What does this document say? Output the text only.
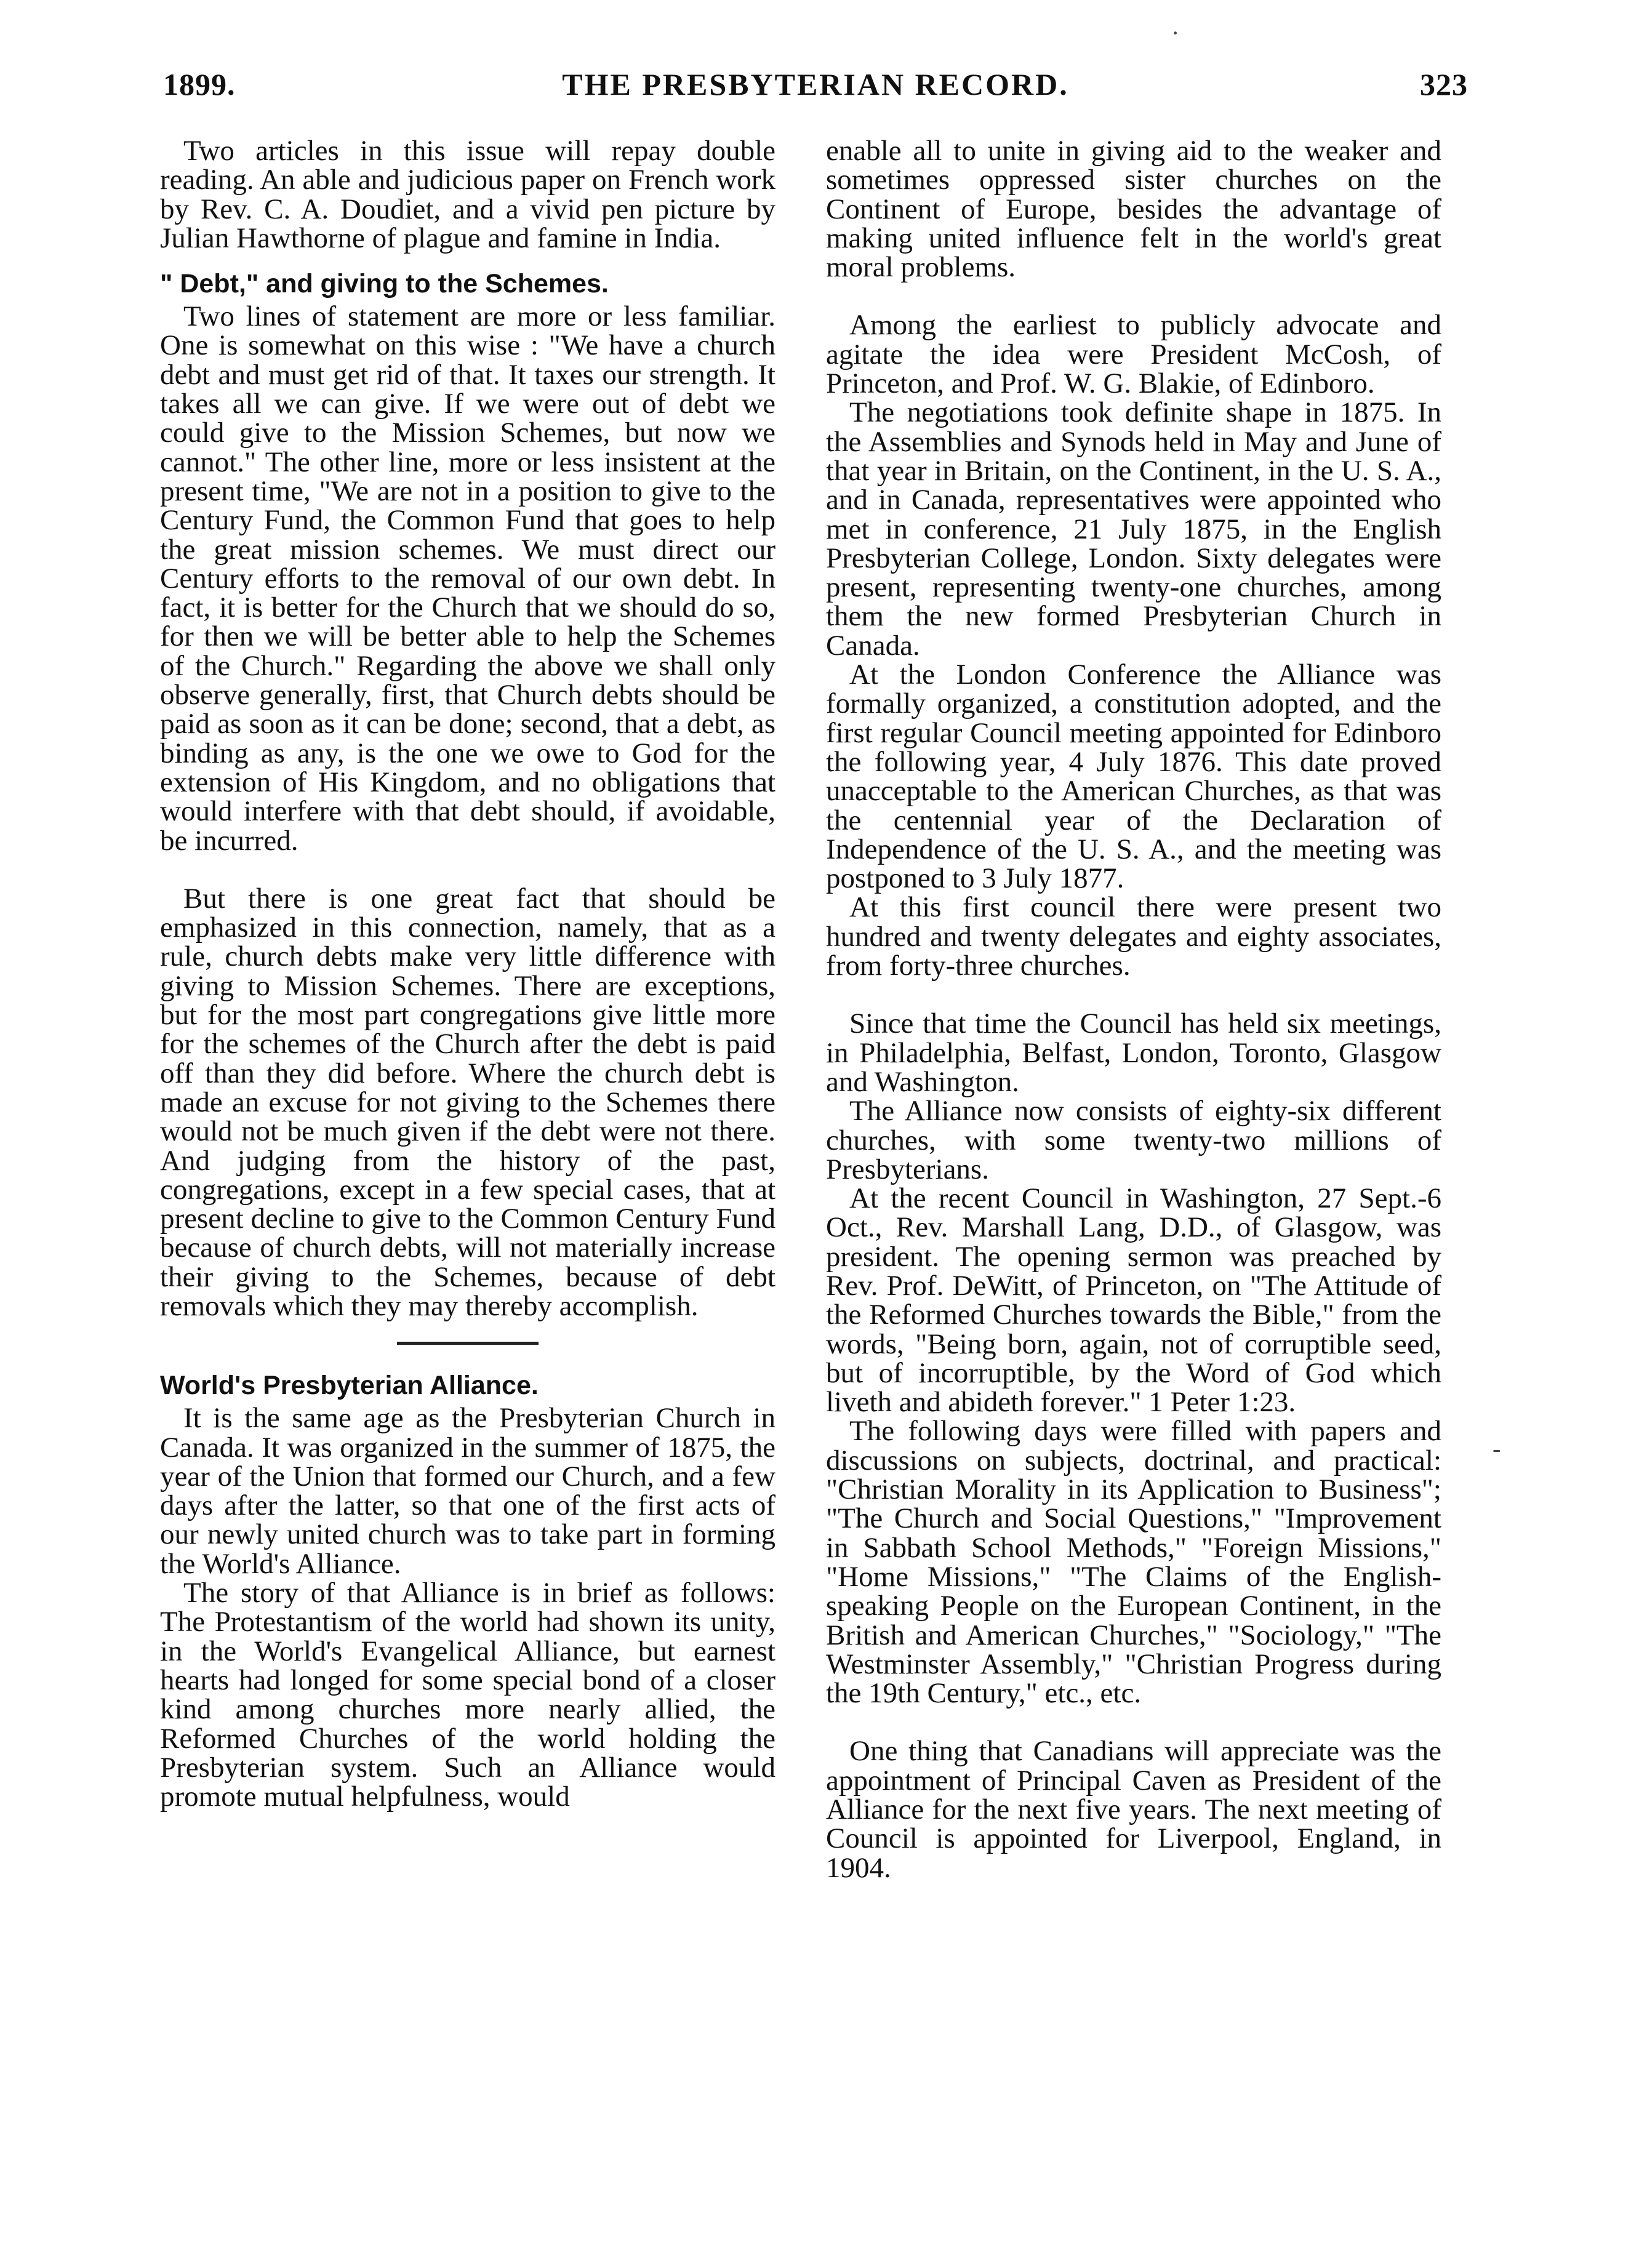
1899.	THE PRESBYTERIAN RECORD.	323

Two articles in this issue will repay double reading. An able and judicious paper on French work by Rev. C. A. Doudiet, and a vivid pen picture by Julian Hawthorne of plague and famine in India.

" Debt," and giving to the Schemes.

Two lines of statement are more or less familiar. One is somewhat on this wise : "We have a church debt and must get rid of that. It taxes our strength. It takes all we can give. If we were out of debt we could give to the Mission Schemes, but now we cannot." The other line, more or less insistent at the present time, "We are not in a position to give to the Century Fund, the Common Fund that goes to help the great mission schemes. We must direct our Century efforts to the removal of our own debt. In fact, it is better for the Church that we should do so, for then we will be better able to help the Schemes of the Church." Regarding the above we shall only observe generally, first, that Church debts should be paid as soon as it can be done; second, that a debt, as binding as any, is the one we owe to God for the extension of His Kingdom, and no obligations that would interfere with that debt should, if avoidable, be incurred.

But there is one great fact that should be emphasized in this connection, namely, that as a rule, church debts make very little difference with giving to Mission Schemes. There are exceptions, but for the most part congregations give little more for the schemes of the Church after the debt is paid off than they did before. Where the church debt is made an excuse for not giving to the Schemes there would not be much given if the debt were not there. And judging from the history of the past, congregations, except in a few special cases, that at present decline to give to the Common Century Fund because of church debts, will not materially increase their giving to the Schemes, because of debt removals which they may thereby accomplish.

World's Presbyterian Alliance.

It is the same age as the Presbyterian Church in Canada. It was organized in the summer of 1875, the year of the Union that formed our Church, and a few days after the latter, so that one of the first acts of our newly united church was to take part in forming the World's Alliance.

The story of that Alliance is in brief as follows: The Protestantism of the world had shown its unity, in the World's Evangelical Alliance, but earnest hearts had longed for some special bond of a closer kind among churches more nearly allied, the Reformed Churches of the world holding the Presbyterian system. Such an Alliance would promote mutual helpfulness, would

enable all to unite in giving aid to the weaker and sometimes oppressed sister churches on the Continent of Europe, besides the advantage of making united influence felt in the world's great moral problems.

Among the earliest to publicly advocate and agitate the idea were President McCosh, of Princeton, and Prof. W. G. Blakie, of Edinboro.

The negotiations took definite shape in 1875. In the Assemblies and Synods held in May and June of that year in Britain, on the Continent, in the U. S. A., and in Canada, representatives were appointed who met in conference, 21 July 1875, in the English Presbyterian College, London. Sixty delegates were present, representing twenty-one churches, among them the new formed Presbyterian Church in Canada.

At the London Conference the Alliance was formally organized, a constitution adopted, and the first regular Council meeting appointed for Edinboro the following year, 4 July 1876. This date proved unacceptable to the American Churches, as that was the centennial year of the Declaration of Independence of the U. S. A., and the meeting was postponed to 3 July 1877.

At this first council there were present two hundred and twenty delegates and eighty associates, from forty-three churches.

Since that time the Council has held six meetings, in Philadelphia, Belfast, London, Toronto, Glasgow and Washington.

The Alliance now consists of eighty-six different churches, with some twenty-two millions of Presbyterians.

At the recent Council in Washington, 27 Sept.-6 Oct., Rev. Marshall Lang, D.D., of Glasgow, was president. The opening sermon was preached by Rev. Prof. DeWitt, of Princeton, on "The Attitude of the Reformed Churches towards the Bible," from the words, "Being born, again, not of corruptible seed, but of incorruptible, by the Word of God which liveth and abideth forever." 1 Peter 1:23.

The following days were filled with papers and discussions on subjects, doctrinal, and practical: "Christian Morality in its Application to Business"; "The Church and Social Questions," "Improvement in Sabbath School Methods," "Foreign Missions," "Home Missions," "The Claims of the English-speaking People on the European Continent, in the British and American Churches," "Sociology," "The Westminster Assembly," "Christian Progress during the 19th Century," etc., etc.

One thing that Canadians will appreciate was the appointment of Principal Caven as President of the Alliance for the next five years. The next meeting of Council is appointed for Liverpool, England, in 1904.

·
-
